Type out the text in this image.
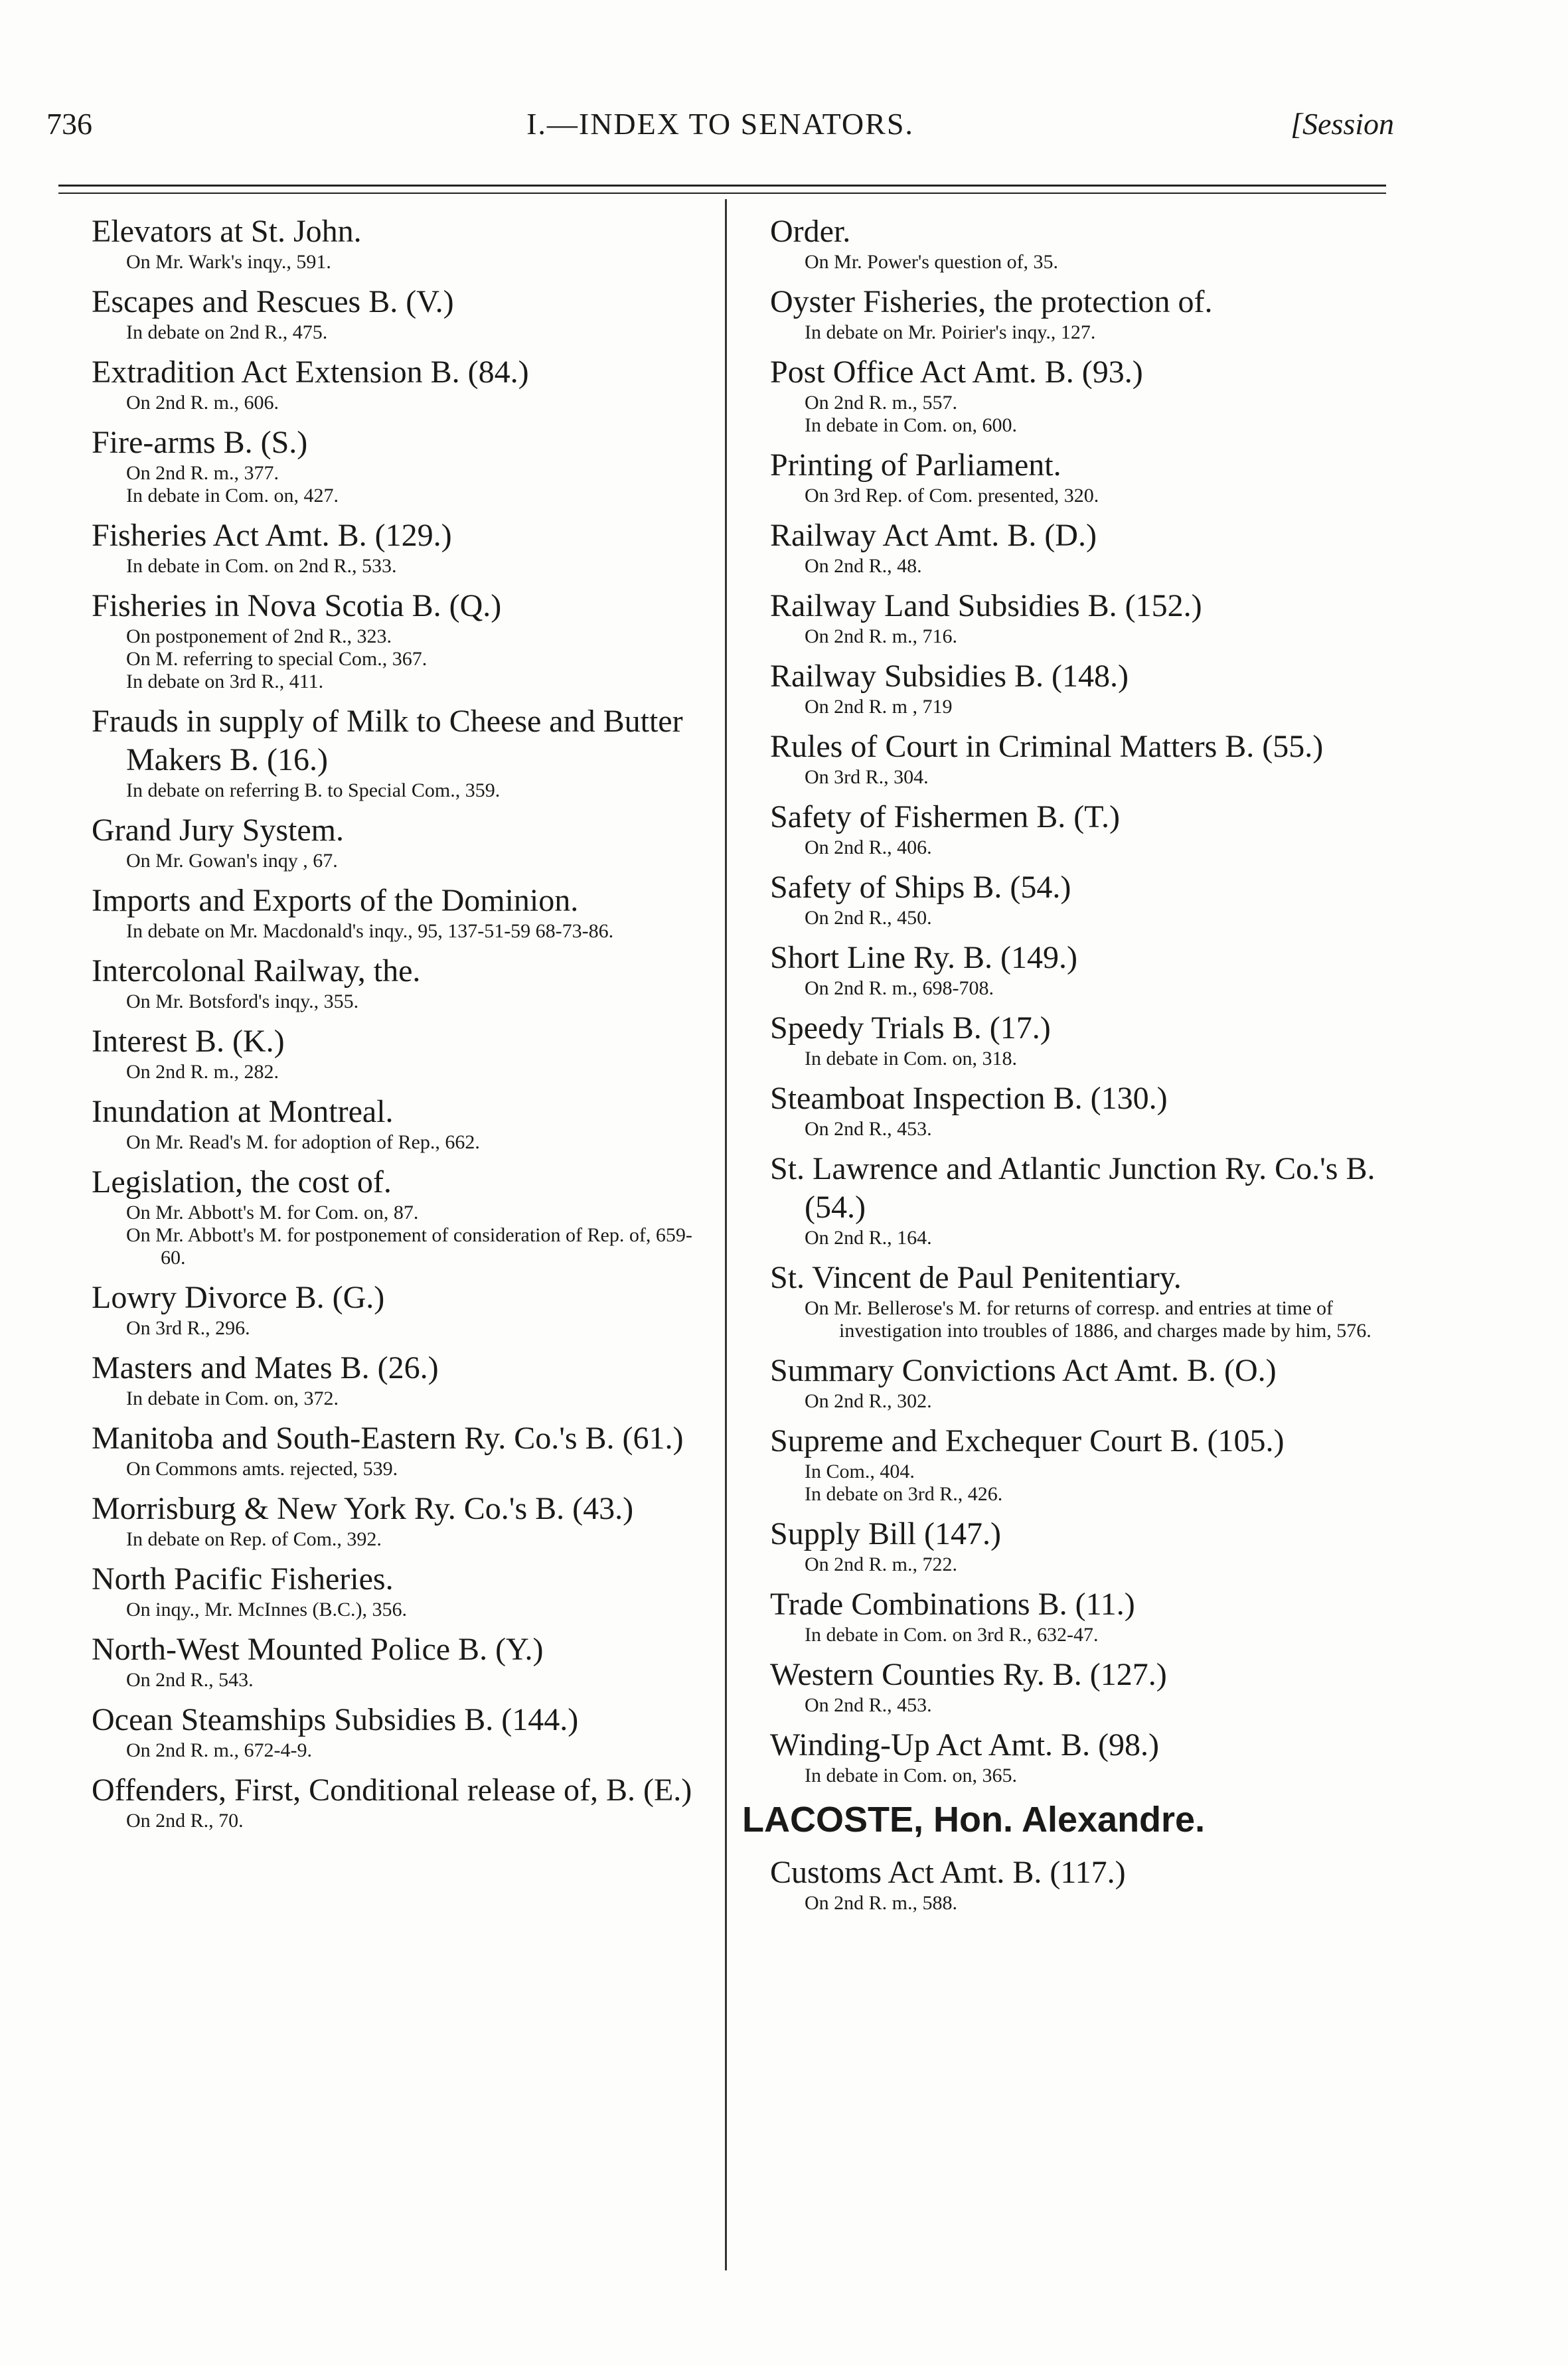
736	I.—INDEX TO SENATORS.	[Session
Elevators at St. John.
On Mr. Wark's inqy., 591.
Escapes and Rescues B. (V.)
In debate on 2nd R., 475.
Extradition Act Extension B. (84.)
On 2nd R. m., 606.
Fire-arms B. (S.)
On 2nd R. m., 377.
In debate in Com. on, 427.
Fisheries Act Amt. B. (129.)
In debate in Com. on 2nd R., 533.
Fisheries in Nova Scotia B. (Q.)
On postponement of 2nd R., 323.
On M. referring to special Com., 367.
In debate on 3rd R., 411.
Frauds in supply of Milk to Cheese and Butter Makers B. (16.)
In debate on referring B. to Special Com., 359.
Grand Jury System.
On Mr. Gowan's inqy , 67.
Imports and Exports of the Dominion.
In debate on Mr. Macdonald's inqy., 95, 137-51-59 68-73-86.
Intercolonal Railway, the.
On Mr. Botsford's inqy., 355.
Interest B. (K.)
On 2nd R. m., 282.
Inundation at Montreal.
On Mr. Read's M. for adoption of Rep., 662.
Legislation, the cost of.
On Mr. Abbott's M. for Com. on, 87.
On Mr. Abbott's M. for postponement of consideration of Rep. of, 659-60.
Lowry Divorce B. (G.)
On 3rd R., 296.
Masters and Mates B. (26.)
In debate in Com. on, 372.
Manitoba and South-Eastern Ry. Co.'s B. (61.)
On Commons amts. rejected, 539.
Morrisburg & New York Ry. Co.'s B. (43.)
In debate on Rep. of Com., 392.
North Pacific Fisheries.
On inqy., Mr. McInnes (B.C.), 356.
North-West Mounted Police B. (Y.)
On 2nd R., 543.
Ocean Steamships Subsidies B. (144.)
On 2nd R. m., 672-4-9.
Offenders, First, Conditional release of, B. (E.)
On 2nd R., 70.
Order.
On Mr. Power's question of, 35.
Oyster Fisheries, the protection of.
In debate on Mr. Poirier's inqy., 127.
Post Office Act Amt. B. (93.)
On 2nd R. m., 557.
In debate in Com. on, 600.
Printing of Parliament.
On 3rd Rep. of Com. presented, 320.
Railway Act Amt. B. (D.)
On 2nd R., 48.
Railway Land Subsidies B. (152.)
On 2nd R. m., 716.
Railway Subsidies B. (148.)
On 2nd R. m , 719
Rules of Court in Criminal Matters B. (55.)
On 3rd R., 304.
Safety of Fishermen B. (T.)
On 2nd R., 406.
Safety of Ships B. (54.)
On 2nd R., 450.
Short Line Ry. B. (149.)
On 2nd R. m., 698-708.
Speedy Trials B. (17.)
In debate in Com. on, 318.
Steamboat Inspection B. (130.)
On 2nd R., 453.
St. Lawrence and Atlantic Junction Ry. Co.'s B. (54.)
On 2nd R., 164.
St. Vincent de Paul Penitentiary.
On Mr. Bellerose's M. for returns of corresp. and entries at time of investigation into troubles of 1886, and charges made by him, 576.
Summary Convictions Act Amt. B. (O.)
On 2nd R., 302.
Supreme and Exchequer Court B. (105.)
In Com., 404.
In debate on 3rd R., 426.
Supply Bill (147.)
On 2nd R. m., 722.
Trade Combinations B. (11.)
In debate in Com. on 3rd R., 632-47.
Western Counties Ry. B. (127.)
On 2nd R., 453.
Winding-Up Act Amt. B. (98.)
In debate in Com. on, 365.
LACOSTE, Hon. Alexandre.
Customs Act Amt. B. (117.)
On 2nd R. m., 588.
